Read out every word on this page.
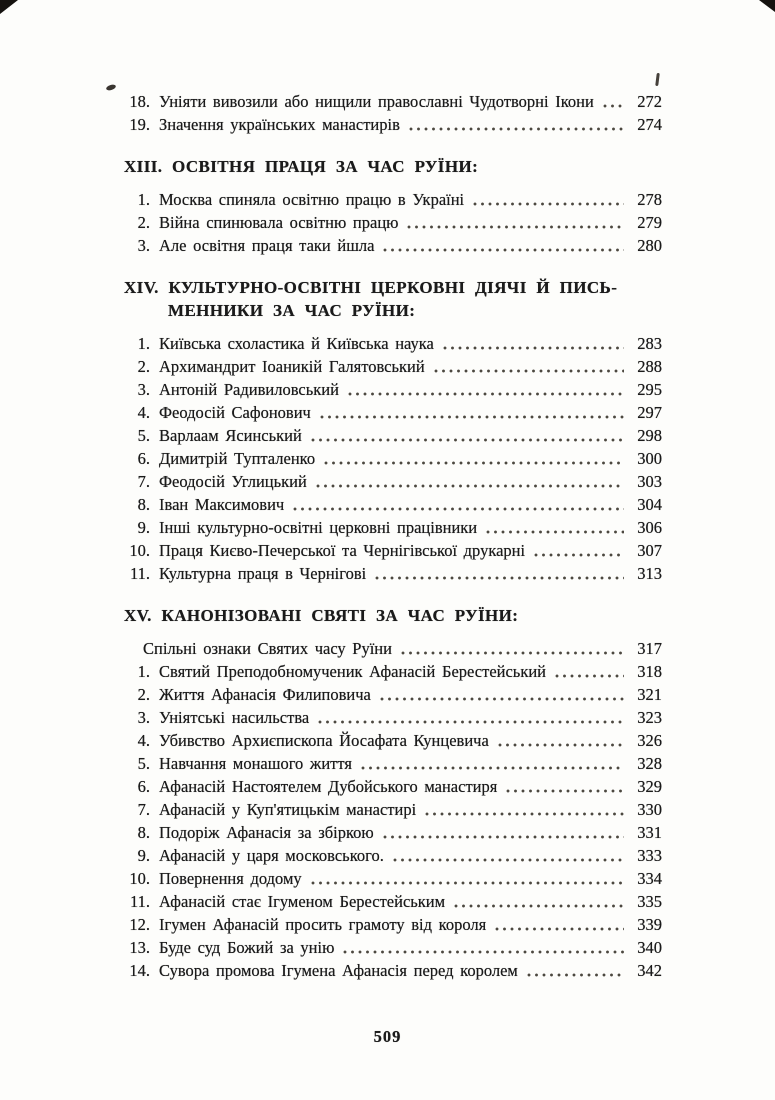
18. Уніяти вивозили або нищили православні Чудотворні Ікони	272
19. Значення українських манастирів	274
XIII. ОСВІТНЯ ПРАЦЯ ЗА ЧАС РУЇНИ:
1. Москва спиняла освітню працю в Україні	278
2. Війна спинювала освітню працю	279
3. Але освітня праця таки йшла	280
XIV. КУЛЬТУРНО-ОСВІТНІ ЦЕРКОВНІ ДІЯЧІ Й ПИСЬ-
МЕННИКИ ЗА ЧАС РУЇНИ:
1. Київська схоластика й Київська наука	283
2. Архимандрит Іоаникій Галятовський	288
3. Антоній Радивиловський	295
4. Феодосій Сафонович	297
5. Варлаам Ясинський	298
6. Димитрій Тупталенко	300
7. Феодосій Углицький	303
8. Іван Максимович	304
9. Інші культурно-освітні церковні працівники	306
10. Праця Києво-Печерської та Чернігівської друкарні	307
11. Культурна праця в Чернігові	313
XV. КАНОНІЗОВАНІ СВЯТІ ЗА ЧАС РУЇНИ:
Спільні ознаки Святих часу Руїни	317
1. Святий Преподобномученик Афанасій Берестейський	318
2. Життя Афанасія Филиповича	321
3. Уніятські насильства	323
4. Убивство Архиєпископа Йосафата Кунцевича	326
5. Навчання монашого життя	328
6. Афанасій Настоятелем Дубойського манастиря	329
7. Афанасій у Куп'ятицькім манастирі	330
8. Подоріж Афанасія за збіркою	331
9. Афанасій у царя московського.	333
10. Повернення додому	334
11. Афанасій стає Ігуменом Берестейським	335
12. Ігумен Афанасій просить грамоту від короля	339
13. Буде суд Божий за унію	340
14. Сувора промова Ігумена Афанасія перед королем	342
509
